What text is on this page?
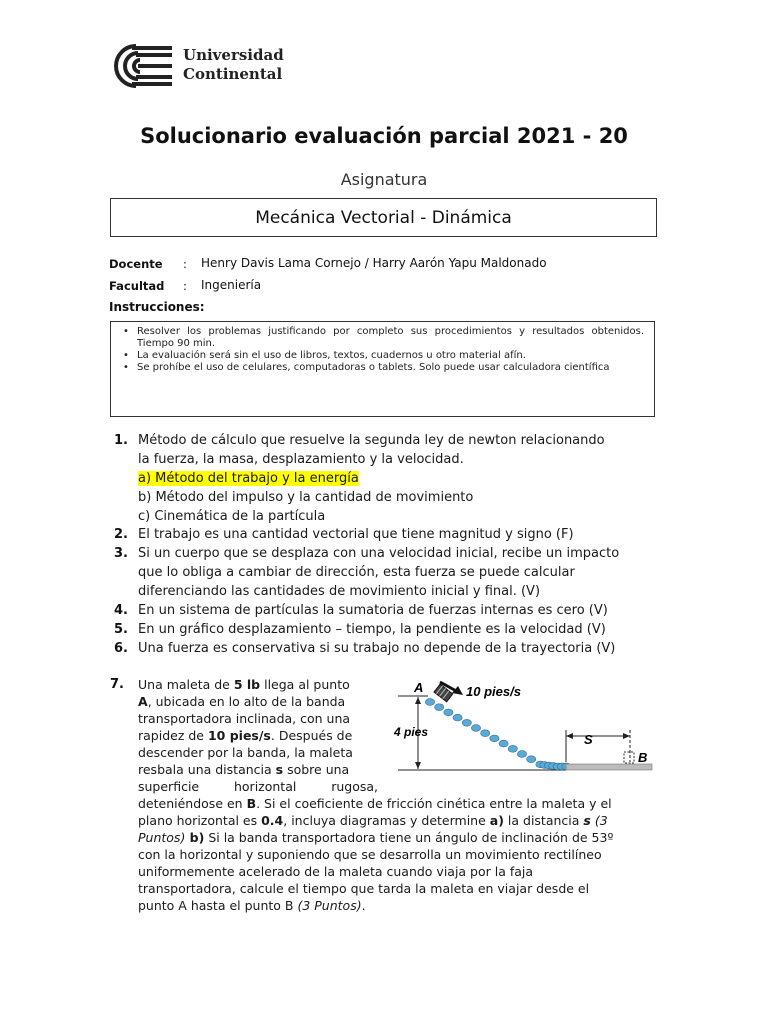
Universidad
Continental
Solucionario evaluación parcial 2021 - 20
Asignatura
Mecánica Vectorial - Dinámica
Docente : Henry Davis Lama Cornejo / Harry Aarón Yapu Maldonado
Facultad : Ingeniería
Instrucciones:
• Resolver los problemas justificando por completo sus procedimientos y resultados obtenidos. Tiempo 90 min.
• La evaluación será sin el uso de libros, textos, cuadernos u otro material afín.
• Se prohíbe el uso de celulares, computadoras o tablets. Solo puede usar calculadora científica
1. Método de cálculo que resuelve la segunda ley de newton relacionando
la fuerza, la masa, desplazamiento y la velocidad.
a) Método del trabajo y la energía
b) Método del impulso y la cantidad de movimiento
c) Cinemática de la partícula
2. El trabajo es una cantidad vectorial que tiene magnitud y signo (F)
3. Si un cuerpo que se desplaza con una velocidad inicial, recibe un impacto
que lo obliga a cambiar de dirección, esta fuerza se puede calcular
diferenciando las cantidades de movimiento inicial y final. (V)
4. En un sistema de partículas la sumatoria de fuerzas internas es cero (V)
5. En un gráfico desplazamiento – tiempo, la pendiente es la velocidad (V)
6. Una fuerza es conservativa si su trabajo no depende de la trayectoria (V)
7. Una maleta de 5 lb llega al punto
A, ubicada en lo alto de la banda
transportadora inclinada, con una
rapidez de 10 pies/s. Después de
descender por la banda, la maleta
resbala una distancia s sobre una
superficie horizontal rugosa,
deteniéndose en B. Si el coeficiente de fricción cinética entre la maleta y el
plano horizontal es 0.4, incluya diagramas y determine a) la distancia s (3
Puntos) b) Si la banda transportadora tiene un ángulo de inclinación de 53º
con la horizontal y suponiendo que se desarrolla un movimiento rectilíneo
uniformemente acelerado de la maleta cuando viaja por la faja
transportadora, calcule el tiempo que tarda la maleta en viajar desde el
punto A hasta el punto B (3 Puntos).
A	10 pies/s
4 pies	S
B
